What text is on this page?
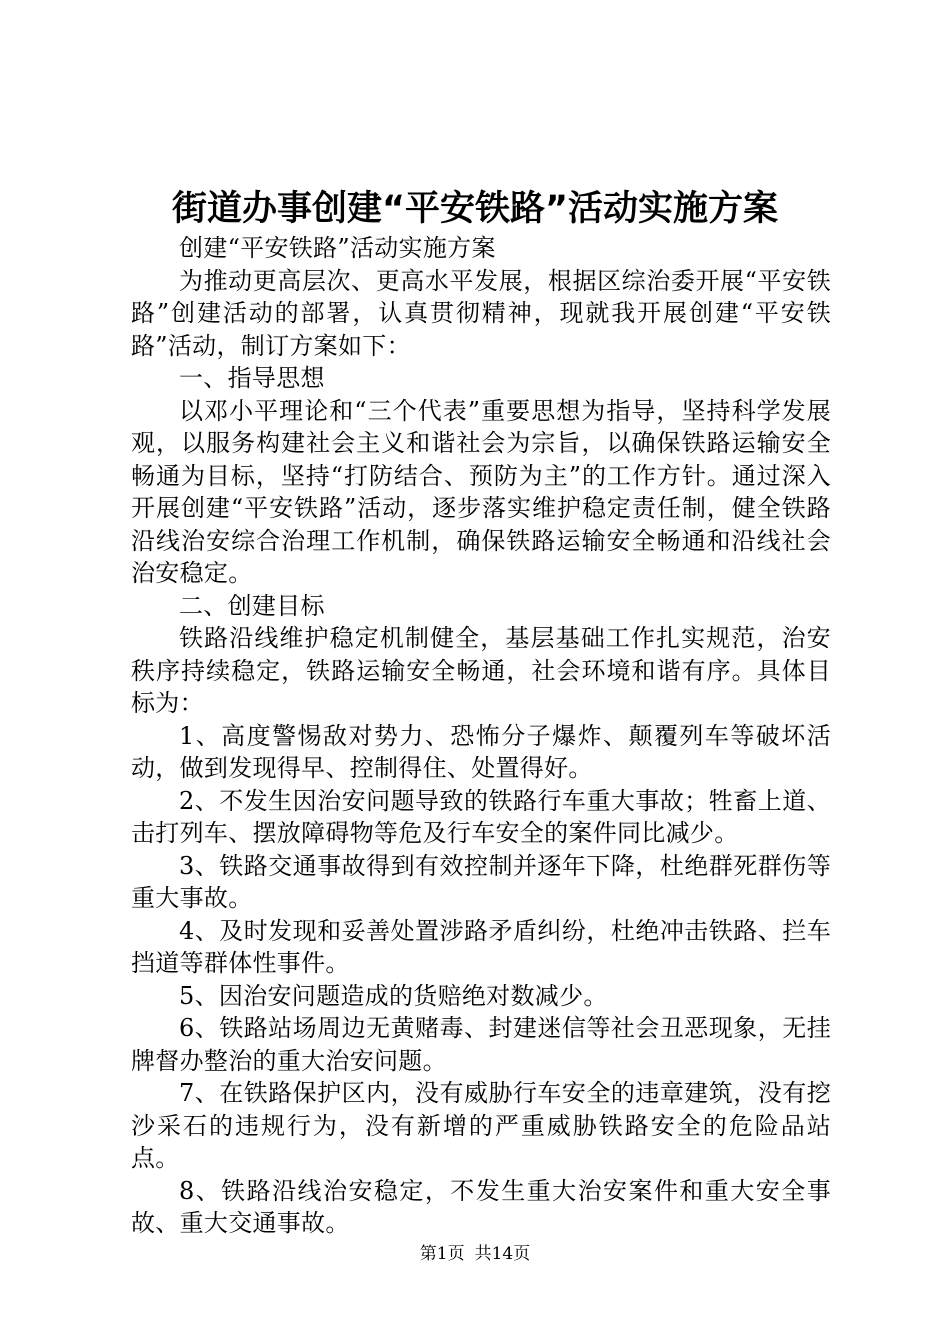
街道办事创建“平安铁路”活动实施方案

创建“平安铁路”活动实施方案

为推动更高层次、更高水平发展，根据区综治委开展“平安铁路”创建活动的部署，认真贯彻精神，现就我开展创建“平安铁路”活动，制订方案如下：

一、指导思想

以邓小平理论和“三个代表”重要思想为指导，坚持科学发展观，以服务构建社会主义和谐社会为宗旨，以确保铁路运输安全畅通为目标，坚持“打防结合、预防为主”的工作方针。通过深入开展创建“平安铁路”活动，逐步落实维护稳定责任制，健全铁路沿线治安综合治理工作机制，确保铁路运输安全畅通和沿线社会治安稳定。

二、创建目标

铁路沿线维护稳定机制健全，基层基础工作扎实规范，治安秩序持续稳定，铁路运输安全畅通，社会环境和谐有序。具体目标为：

1、高度警惕敌对势力、恐怖分子爆炸、颠覆列车等破坏活动，做到发现得早、控制得住、处置得好。

2、不发生因治安问题导致的铁路行车重大事故；牲畜上道、击打列车、摆放障碍物等危及行车安全的案件同比减少。

3、铁路交通事故得到有效控制并逐年下降，杜绝群死群伤等重大事故。

4、及时发现和妥善处置涉路矛盾纠纷，杜绝冲击铁路、拦车挡道等群体性事件。

5、因治安问题造成的货赔绝对数减少。

6、铁路站场周边无黄赌毒、封建迷信等社会丑恶现象，无挂牌督办整治的重大治安问题。

7、在铁路保护区内，没有威胁行车安全的违章建筑，没有挖沙采石的违规行为，没有新增的严重威胁铁路安全的危险品站点。

8、铁路沿线治安稳定，不发生重大治安案件和重大安全事故、重大交通事故。

第1页 共14页
